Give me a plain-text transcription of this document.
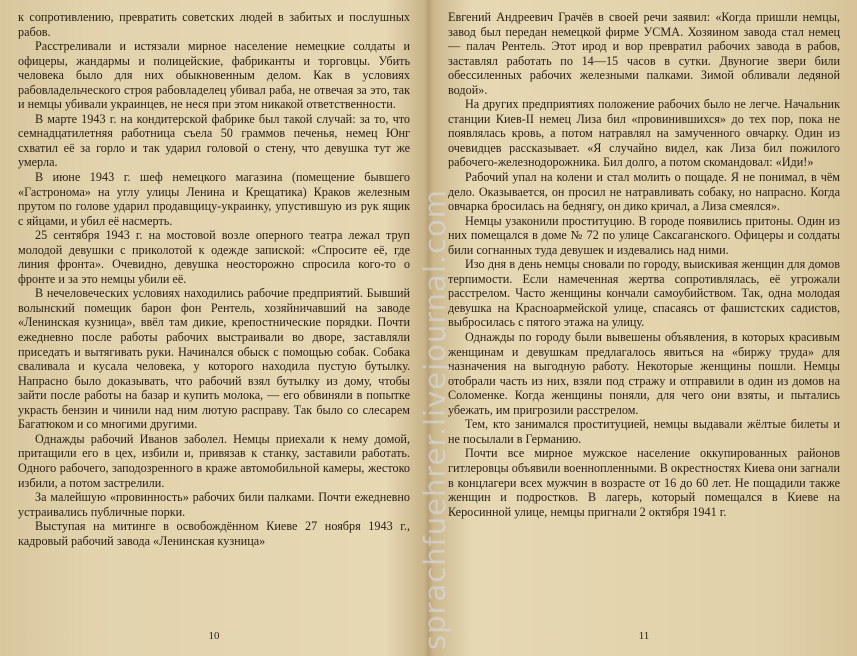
к сопротивлению, превратить советских людей в забитых и послушных рабов.

Расстреливали и истязали мирное население немецкие солдаты и офицеры, жандармы и полицейские, фабриканты и торговцы. Убить человека было для них обыкновенным делом. Как в условиях рабовладельческого строя рабовладелец убивал раба, не отвечая за это, так и немцы убивали украинцев, не неся при этом никакой ответственности.

В марте 1943 г. на кондитерской фабрике был такой случай: за то, что семнадцатилетняя работница съела 50 граммов печенья, немец Юнг схватил её за горло и так ударил головой о стену, что девушка тут же умерла.

В июне 1943 г. шеф немецкого магазина (помещение бывшего «Гастронома» на углу улицы Ленина и Крещатика) Краков железным прутом по голове ударил продавщицу-украинку, упустившую из рук ящик с яйцами, и убил её насмерть.

25 сентября 1943 г. на мостовой возле оперного театра лежал труп молодой девушки с приколотой к одежде запиской: «Спросите её, где линия фронта». Очевидно, девушка неосторожно спросила кого-то о фронте и за это немцы убили её.

В нечеловеческих условиях находились рабочие предприятий. Бывший волынский помещик барон фон Рентель, хозяйничавший на заводе «Ленинская кузница», ввёл там дикие, крепостнические порядки. Почти ежедневно после работы рабочих выстраивали во дворе, заставляли приседать и вытягивать руки. Начинался обыск с помощью собак. Собака сваливала и кусала человека, у которого находила пустую бутылку. Напрасно было доказывать, что рабочий взял бутылку из дому, чтобы зайти после работы на базар и купить молока, — его обвиняли в попытке украсть бензин и чинили над ним лютую расправу. Так было со слесарем Багатюком и со многими другими.

Однажды рабочий Иванов заболел. Немцы приехали к нему домой, притащили его в цех, избили и, привязав к станку, заставили работать. Одного рабочего, заподозренного в краже автомобильной камеры, жестоко избили, а потом застрелили.

За малейшую «провинность» рабочих били палками. Почти ежедневно устраивались публичные порки.

Выступая на митинге в освобождённом Киеве 27 ноября 1943 г., кадровый рабочий завода «Ленинская кузница»

10

Евгений Андреевич Грачёв в своей речи заявил: «Когда пришли немцы, завод был передан немецкой фирме УСМА. Хозяином завода стал немец — палач Рентель. Этот ирод и вор превратил рабочих завода в рабов, заставлял работать по 14—15 часов в сутки. Двуногие звери били обессиленных рабочих железными палками. Зимой обливали ледяной водой».

На других предприятиях положение рабочих было не легче. Начальник станции Киев-II немец Лиза бил «провинившихся» до тех пор, пока не появлялась кровь, а потом натравлял на замученного овчарку. Один из очевидцев рассказывает. «Я случайно видел, как Лиза бил пожилого рабочего-железнодорожника. Бил долго, а потом скомандовал: «Иди!»

Рабочий упал на колени и стал молить о пощаде. Я не понимал, в чём дело. Оказывается, он просил не натравливать собаку, но напрасно. Когда овчарка бросилась на беднягу, он дико кричал, а Лиза смеялся».

Немцы узаконили проституцию. В городе появились притоны. Один из них помещался в доме № 72 по улице Саксаганского. Офицеры и солдаты били согнанных туда девушек и издевались над ними.

Изо дня в день немцы сновали по городу, выискивая женщин для домов терпимости. Если намеченная жертва сопротивлялась, её угрожали расстрелом. Часто женщины кончали самоубийством. Так, одна молодая девушка на Красноармейской улице, спасаясь от фашистских садистов, выбросилась с пятого этажа на улицу.

Однажды по городу были вывешены объявления, в которых красивым женщинам и девушкам предлагалось явиться на «биржу труда» для назначения на выгодную работу. Некоторые женщины пошли. Немцы отобрали часть из них, взяли под стражу и отправили в один из домов на Соломенке. Когда женщины поняли, для чего они взяты, и пытались убежать, им пригрозили расстрелом.

Тем, кто занимался проституцией, немцы выдавали жёлтые билеты и не посылали в Германию.

Почти все мирное мужское население оккупированных районов гитлеровцы объявили военнопленными. В окрестностях Киева они загнали в концлагери всех мужчин в возрасте от 16 до 60 лет. Не пощадили также женщин и подростков. В лагерь, который помещался в Киеве на Керосинной улице, немцы пригнали 2 октября 1941 г.

11
sprachfuehrer.livejournal.com
